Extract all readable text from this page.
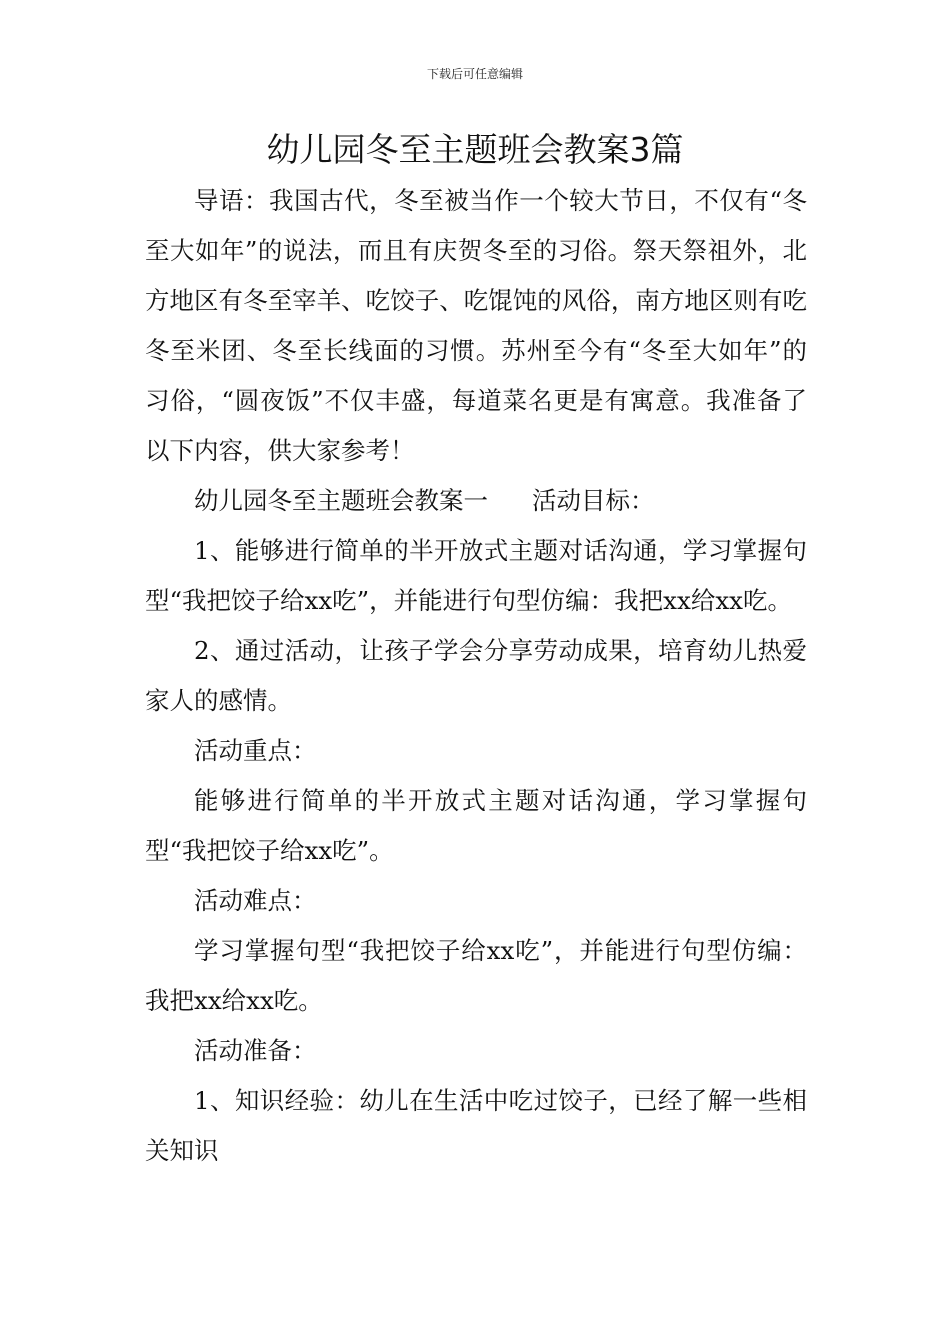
下载后可任意编辑
幼儿园冬至主题班会教案3篇

导语：我国古代，冬至被当作一个较大节日，不仅有“冬至大如年”的说法，而且有庆贺冬至的习俗。祭天祭祖外，北方地区有冬至宰羊、吃饺子、吃馄饨的风俗，南方地区则有吃冬至米团、冬至长线面的习惯。苏州至今有“冬至大如年”的习俗，“圆夜饭”不仅丰盛，每道菜名更是有寓意。我准备了以下内容，供大家参考！

幼儿园冬至主题班会教案一 活动目标：

1、能够进行简单的半开放式主题对话沟通，学习掌握句型“我把饺子给xx吃”，并能进行句型仿编：我把xx给xx吃。

2、通过活动，让孩子学会分享劳动成果，培育幼儿热爱家人的感情。

活动重点：

能够进行简单的半开放式主题对话沟通，学习掌握句型“我把饺子给xx吃”。

活动难点：

学习掌握句型“我把饺子给xx吃”，并能进行句型仿编：我把xx给xx吃。

活动准备：

1、知识经验：幼儿在生活中吃过饺子，已经了解一些相关知识
